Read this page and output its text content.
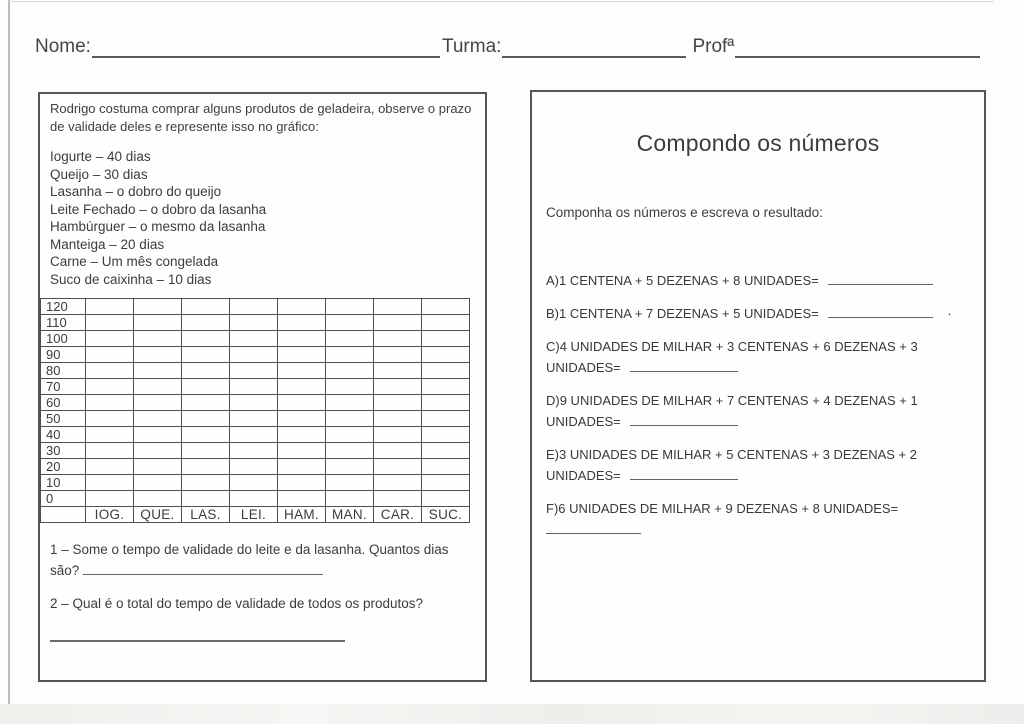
Nome:	Turma:	Profª
Rodrigo costuma comprar alguns produtos de geladeira, observe o prazo de validade deles e represente isso no gráfico:
Iogurte – 40 dias
Queijo – 30 dias
Lasanha – o dobro do queijo
Leite Fechado – o dobro da lasanha
Hambúrguer – o mesmo da lasanha
Manteiga – 20 dias
Carne – Um mês congelada
Suco de caixinha – 10 dias
120								
110								
100								
90								
80								
70								
60								
50								
40								
30								
20								
10								
0								
	IOG.	QUE.	LAS.	LEI.	HAM.	MAN.	CAR.	SUC.
1 – Some o tempo de validade do leite e da lasanha. Quantos dias são?
2 – Qual é o total do tempo de validade de todos os produtos?
Compondo os números
Componha os números e escreva o resultado:
A)1 CENTENA + 5 DEZENAS + 8 UNIDADES=
B)1 CENTENA + 7 DEZENAS + 5 UNIDADES=	·
C)4 UNIDADES DE MILHAR + 3 CENTENAS + 6 DEZENAS + 3 UNIDADES=
D)9 UNIDADES DE MILHAR + 7 CENTENAS + 4 DEZENAS + 1 UNIDADES=
E)3 UNIDADES DE MILHAR + 5 CENTENAS + 3 DEZENAS + 2 UNIDADES=
F)6 UNIDADES DE MILHAR + 9 DEZENAS + 8 UNIDADES=
